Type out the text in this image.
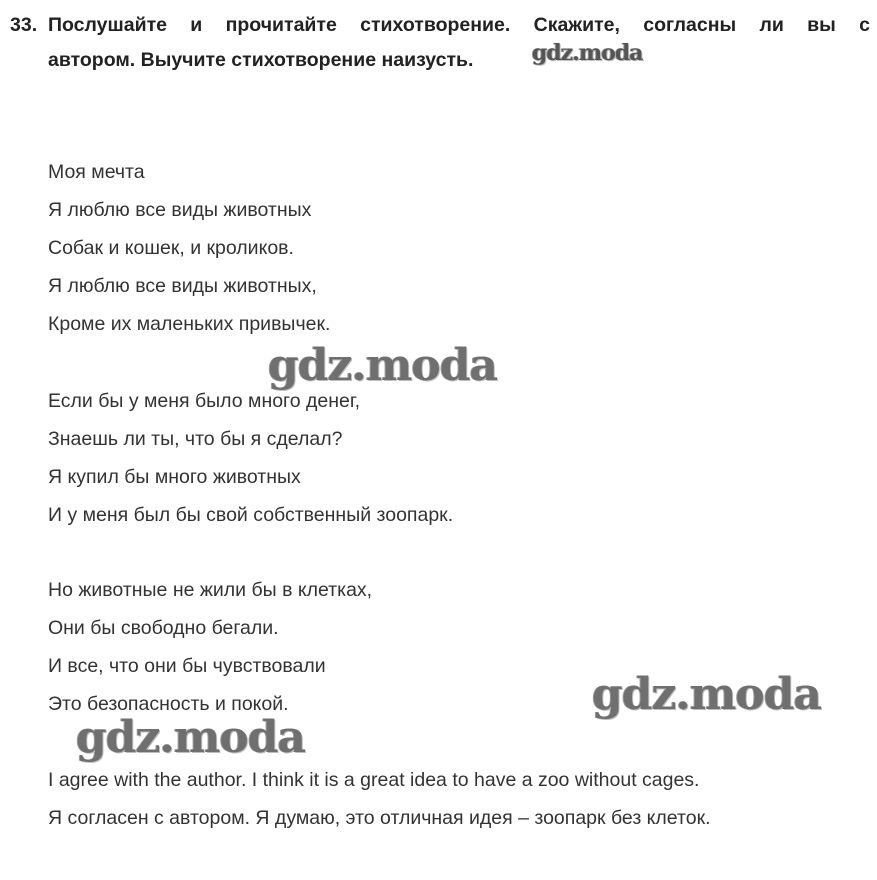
33. Послушайте и прочитайте стихотворение. Скажите, согласны ли вы с
автором. Выучите стихотворение наизусть.
Моя мечта
Я люблю все виды животных
Собак и кошек, и кроликов.
Я люблю все виды животных,
Кроме их маленьких привычек.
Если бы у меня было много денег,
Знаешь ли ты, что бы я сделал?
Я купил бы много животных
И у меня был бы свой собственный зоопарк.
Но животные не жили бы в клетках,
Они бы свободно бегали.
И все, что они бы чувствовали
Это безопасность и покой.
I agree with the author. I think it is a great idea to have a zoo without cages.
Я согласен с автором. Я думаю, это отличная идея – зоопарк без клеток.
gdz.moda
gdz.moda
gdz.moda
gdz.moda
